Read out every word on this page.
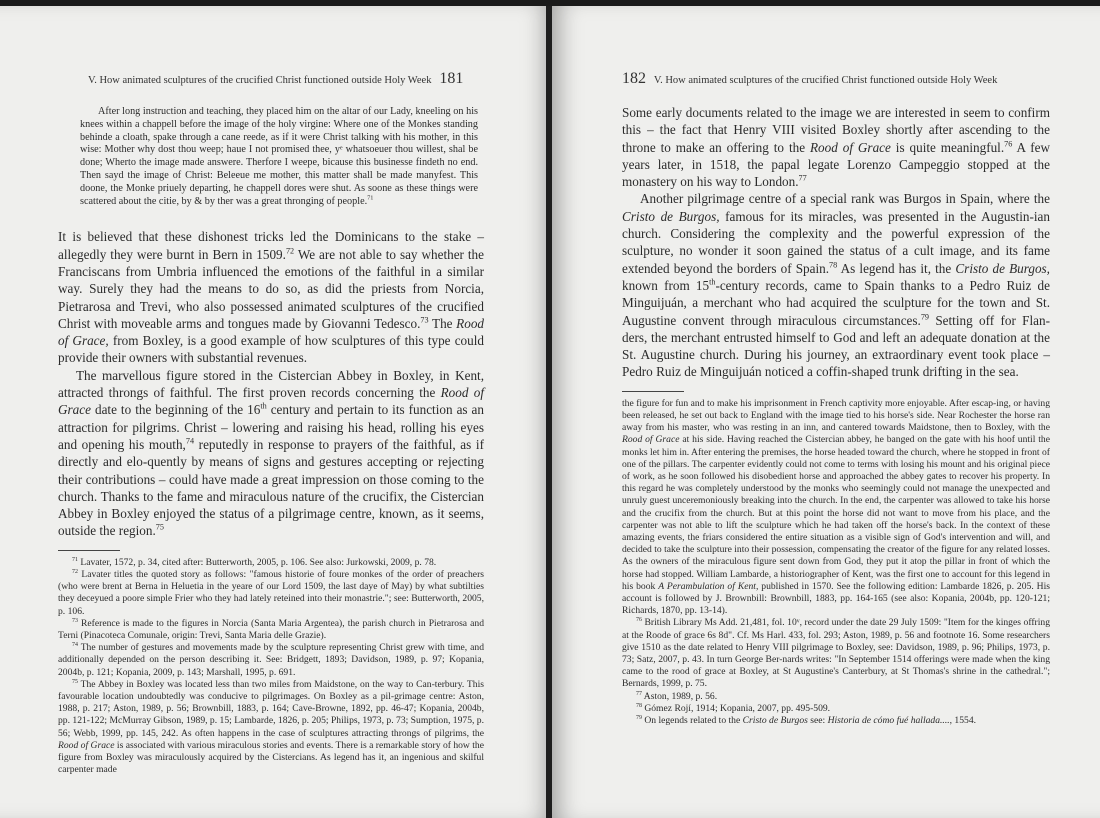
V. How animated sculptures of the crucified Christ functioned outside Holy Week 181

After long instruction and teaching, they placed him on the altar of our Lady, kneeling on his knees within a chappell before the image of the holy virgine: Where one of the Monkes standing behinde a cloath, spake through a cane reede, as if it were Christ talking with his mother, in this wise: Mother why dost thou weep; haue I not promised thee, yᵉ whatsoeuer thou willest, shal be done; Wherto the image made answere. Therfore I weepe, bicause this businesse findeth no end. Then sayd the image of Christ: Beleeue me mother, this matter shall be made manyfest. This doone, the Monke priuely departing, he chappell dores were shut. As soone as these things were scattered about the citie, by & by ther was a great thronging of people.$^{71}$

It is believed that these dishonest tricks led the Dominicans to the stake – allegedly they were burnt in Bern in 1509.72 We are not able to say whether the Franciscans from Umbria influenced the emotions of the faithful in a similar way. Surely they had the means to do so, as did the priests from Norcia, Pietrarosa and Trevi, who also possessed animated sculptures of the crucified Christ with moveable arms and tongues made by Giovanni Tedesco.$^{73}$ The Rood of Grace, from Boxley, is a good example of how sculptures of this type could provide their owners with substantial revenues.

The marvellous figure stored in the Cistercian Abbey in Boxley, in Kent, attracted throngs of faithful. The first proven records concerning the Rood of Grace date to the beginning of the 16th century and pertain to its function as an attraction for pilgrims. Christ – lowering and raising his head, rolling his eyes and opening his mouth,$^{74}$ reputedly in response to prayers of the faithful, as if directly and elo-quently by means of signs and gestures accepting or rejecting their contributions – could have made a great impression on those coming to the church. Thanks to the fame and miraculous nature of the crucifix, the Cistercian Abbey in Boxley enjoyed the status of a pilgrimage centre, known, as it seems, outside the region.$^{75}$

$^{71}$ Lavater, 1572, p. 34, cited after: Butterworth, 2005, p. 106. See also: Jurkowski, 2009, p. 78.

$^{72}$ Lavater titles the quoted story as follows: "famous historie of foure monkes of the order of preachers (who were brent at Berna in Heluetia in the yeare of our Lord 1509, the last daye of May) by what subtilties they deceyued a poore simple Frier who they had lately reteined into their monastrie."; see: Butterworth, 2005, p. 106.

$^{73}$ Reference is made to the figures in Norcia (Santa Maria Argentea), the parish church in Pietrarosa and Terni (Pinacoteca Comunale, origin: Trevi, Santa Maria delle Grazie).

$^{74}$ The number of gestures and movements made by the sculpture representing Christ grew with time, and additionally depended on the person describing it. See: Bridgett, 1893; Davidson, 1989, p. 97; Kopania, 2004b, p. 121; Kopania, 2009, p. 143; Marshall, 1995, p. 691.

$^{75}$ The Abbey in Boxley was located less than two miles from Maidstone, on the way to Can-terbury. This favourable location undoubtedly was conducive to pilgrimages. On Boxley as a pil-grimage centre: Aston, 1988, p. 217; Aston, 1989, p. 56; Brownbill, 1883, p. 164; Cave-Browne, 1892, pp. 46-47; Kopania, 2004b, pp. 121-122; McMurray Gibson, 1989, p. 15; Lambarde, 1826, p. 205; Philips, 1973, p. 73; Sumption, 1975, p. 56; Webb, 1999, pp. 145, 242. As often happens in the case of sculptures attracting throngs of pilgrims, the Rood of Grace is associated with various miraculous stories and events. There is a remarkable story of how the figure from Boxley was miraculously acquired by the Cistercians. As legend has it, an ingenious and skilful carpenter made

182 V. How animated sculptures of the crucified Christ functioned outside Holy Week

Some early documents related to the image we are interested in seem to confirm this – the fact that Henry VIII visited Boxley shortly after ascending to the throne to make an offering to the Rood of Grace is quite meaningful.$^{76}$ A few years later, in 1518, the papal legate Lorenzo Campeggio stopped at the monastery on his way to London.$^{77}$

Another pilgrimage centre of a special rank was Burgos in Spain, where the Cristo de Burgos, famous for its miracles, was presented in the Augustin-ian church. Considering the complexity and the powerful expression of the sculpture, no wonder it soon gained the status of a cult image, and its fame extended beyond the borders of Spain.$^{78}$ As legend has it, the Cristo de Burgos, known from 15th-century records, came to Spain thanks to a Pedro Ruiz de Minguijuán, a merchant who had acquired the sculpture for the town and St. Augustine convent through miraculous circumstances.$^{79}$ Setting off for Flan-ders, the merchant entrusted himself to God and left an adequate donation at the St. Augustine church. During his journey, an extraordinary event took place – Pedro Ruiz de Minguijuán noticed a coffin-shaped trunk drifting in the sea.

the figure for fun and to make his imprisonment in French captivity more enjoyable. After escap-ing, or having been released, he set out back to England with the image tied to his horse's side. Near Rochester the horse ran away from his master, who was resting in an inn, and cantered towards Maidstone, then to Boxley, with the Rood of Grace at his side. Having reached the Cistercian abbey, he banged on the gate with his hoof until the monks let him in. After entering the premises, the horse headed toward the church, where he stopped in front of one of the pillars. The carpenter evidently could not come to terms with losing his mount and his original piece of work, as he soon followed his disobedient horse and approached the abbey gates to recover his property. In this regard he was completely understood by the monks who seemingly could not manage the unexpected and unruly guest unceremoniously breaking into the church. In the end, the carpenter was allowed to take his horse and the crucifix from the church. But at this point the horse did not want to move from his place, and the carpenter was not able to lift the sculpture which he had taken off the horse's back. In the context of these amazing events, the friars considered the entire situation as a visible sign of God's intervention and will, and decided to take the sculpture into their possession, compensating the creator of the figure for any related losses. As the owners of the miraculous figure sent down from God, they put it atop the pillar in front of which the horse had stopped. William Lambarde, a historiographer of Kent, was the first one to account for this legend in his book A Perambulation of Kent, published in 1570. See the following edition: Lambarde 1826, p. 205. His account is followed by J. Brownbill: Brownbill, 1883, pp. 164-165 (see also: Kopania, 2004b, pp. 120-121; Richards, 1870, pp. 13-14).

$^{76}$ British Library Ms Add. 21,481, fol. 10ᵛ, record under the date 29 July 1509: "Item for the kinges offring at the Roode of grace 6s 8d". Cf. Ms Harl. 433, fol. 293; Aston, 1989, p. 56 and footnote 16. Some researchers give 1510 as the date related to Henry VIII pilgrimage to Boxley, see: Davidson, 1989, p. 96; Philips, 1973, p. 73; Satz, 2007, p. 43. In turn George Ber-nards writes: "In September 1514 offerings were made when the king came to the rood of grace at Boxley, at St Augustine's Canterbury, at St Thomas's shrine in the cathedral."; Bernards, 1999, p. 75.

$^{77}$ Aston, 1989, p. 56.

$^{78}$ Gómez Rojí, 1914; Kopania, 2007, pp. 495-509.

$^{79}$ On legends related to the Cristo de Burgos see: Historia de cómo fué hallada...., 1554.
